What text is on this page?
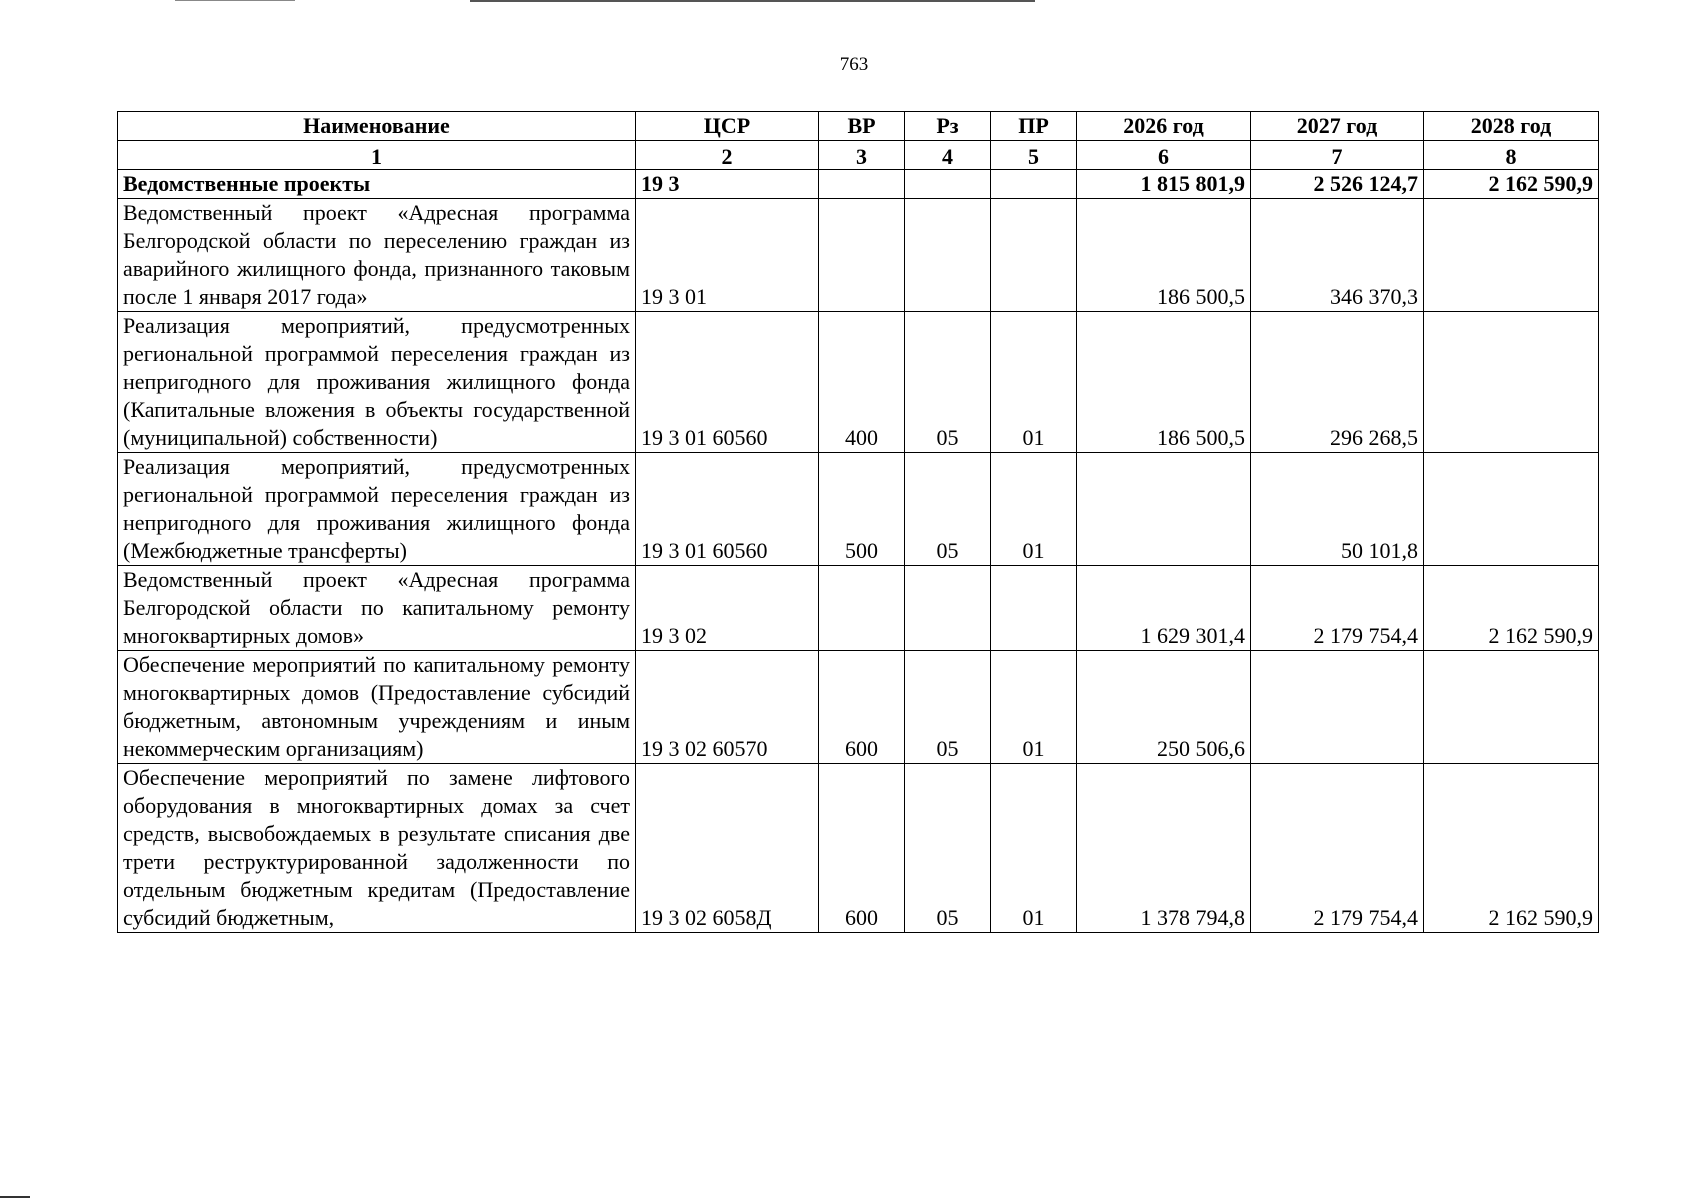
763
Наименование	ЦСР	ВР	Рз	ПР	2026 год	2027 год	2028 год
1	2	3	4	5	6	7	8
Ведомственные проекты	19 3				1 815 801,9	2 526 124,7	2 162 590,9
Ведомственный проект «Адресная программа Белгородской области по переселению граждан из аварийного жилищного фонда, признанного таковым после 1 января 2017 года»	19 3 01				186 500,5	346 370,3	
Реализация мероприятий, предусмотренных региональной программой переселения граждан из непригодного для проживания жилищного фонда (Капитальные вложения в объекты государственной (муниципальной) собственности)	19 3 01 60560	400	05	01	186 500,5	296 268,5	
Реализация мероприятий, предусмотренных региональной программой переселения граждан из непригодного для проживания жилищного фонда (Межбюджетные трансферты)	19 3 01 60560	500	05	01		50 101,8	
Ведомственный проект «Адресная программа Белгородской области по капитальному ремонту многоквартирных домов»	19 3 02				1 629 301,4	2 179 754,4	2 162 590,9
Обеспечение мероприятий по капитальному ремонту многоквартирных домов (Предоставление субсидий бюджетным, автономным учреждениям и иным некоммерческим организациям)	19 3 02 60570	600	05	01	250 506,6		
Обеспечение мероприятий по замене лифтового оборудования в многоквартирных домах за счет средств, высвобождаемых в результате списания две трети реструктурированной задолженности по отдельным бюджетным кредитам (Предоставление субсидий бюджетным,	19 3 02 6058Д	600	05	01	1 378 794,8	2 179 754,4	2 162 590,9
